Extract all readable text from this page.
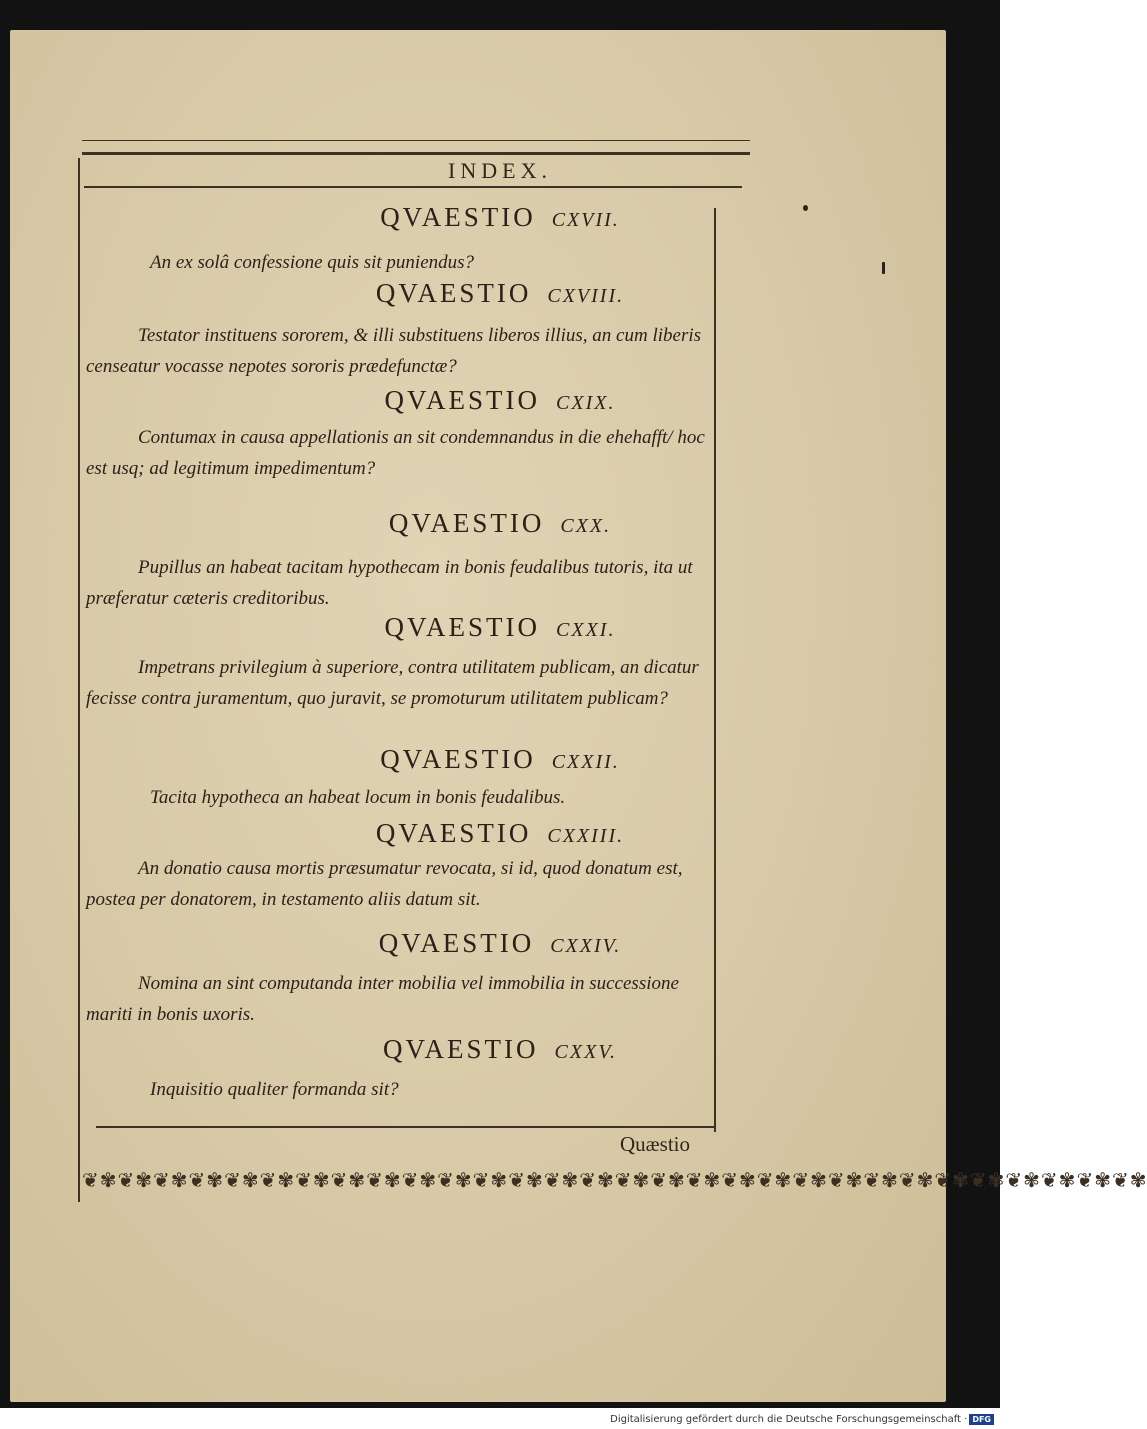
INDEX.
QVAESTIO CXVII.
An ex solâ confessione quis sit puniendus?
QVAESTIO CXVIII.
Testator instituens sororem, & illi substituens liberos illius, an cum liberis censeatur vocasse nepotes sororis prædefunctæ?
QVAESTIO CXIX.
Contumax in causa appellationis an sit condemnandus in die ehehafft/ hoc est usq; ad legitimum impedimentum?
QVAESTIO CXX.
Pupillus an habeat tacitam hypothecam in bonis feudalibus tutoris, ita ut præferatur cæteris creditoribus.
QVAESTIO CXXI.
Impetrans privilegium à superiore, contra utilitatem publicam, an dicatur fecisse contra juramentum, quo juravit, se promoturum utilitatem publicam?
QVAESTIO CXXII.
Tacita hypotheca an habeat locum in bonis feudalibus.
QVAESTIO CXXIII.
An donatio causa mortis præsumatur revocata, si id, quod donatum est, postea per donatorem, in testamento aliis datum sit.
QVAESTIO CXXIV.
Nomina an sint computanda inter mobilia vel immobilia in successione mariti in bonis uxoris.
QVAESTIO CXXV.
Inquisitio qualiter formanda sit?
Quæstio
❦✾❦✾❦✾❦✾❦✾❦✾❦✾❦✾❦✾❦✾❦✾❦✾❦✾❦✾❦✾❦✾❦✾❦✾❦✾❦✾❦✾❦✾❦✾❦✾❦✾❦✾❦✾❦✾❦✾❦✾
Digitalisierung gefördert durch die Deutsche Forschungsgemeinschaft · DFG
